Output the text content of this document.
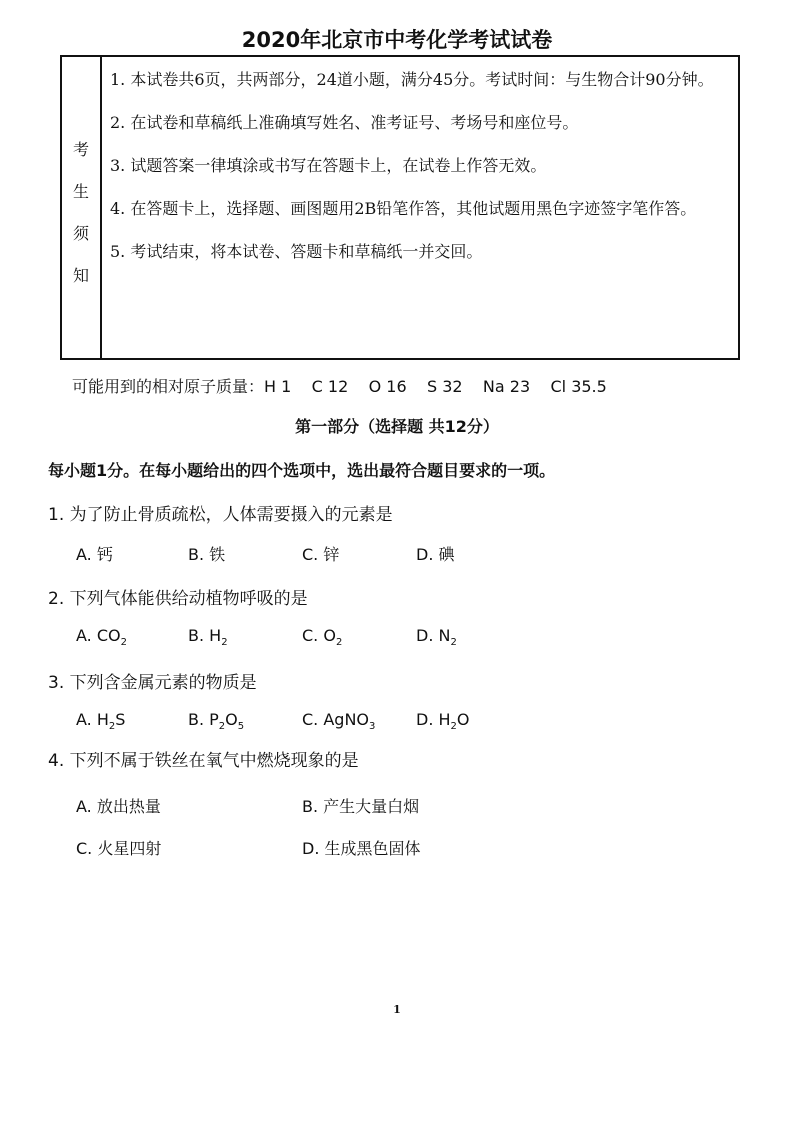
2020年北京市中考化学考试试卷
考
生
须
知

1. 本试卷共6页，共两部分，24道小题，满分45分。考试时间：与生物合计90分钟。

2. 在试卷和草稿纸上准确填写姓名、准考证号、考场号和座位号。

3. 试题答案一律填涂或书写在答题卡上，在试卷上作答无效。

4. 在答题卡上，选择题、画图题用2B铅笔作答，其他试题用黑色字迹签字笔作答。

5. 考试结束，将本试卷、答题卡和草稿纸一并交回。

可能用到的相对原子质量：H 1    C 12    O 16    S 32    Na 23    Cl 35.5
第一部分（选择题 共12分）
每小题1分。在每小题给出的四个选项中，选出最符合题目要求的一项。
1. 为了防止骨质疏松，人体需要摄入的元素是
A. 钙	B. 铁	C. 锌	D. 碘
2. 下列气体能供给动植物呼吸的是
A. $CO_2$	B. $H_2$	C. $O_2$	D. $N_2$
3. 下列含金属元素的物质是
A. $H_2S$	B. $P_2O_5$	C. AgNO$_3$	D. $H_2O$
4. 下列不属于铁丝在氧气中燃烧现象的是
A. 放出热量	B. 产生大量白烟
C. 火星四射	D. 生成黑色固体
1
